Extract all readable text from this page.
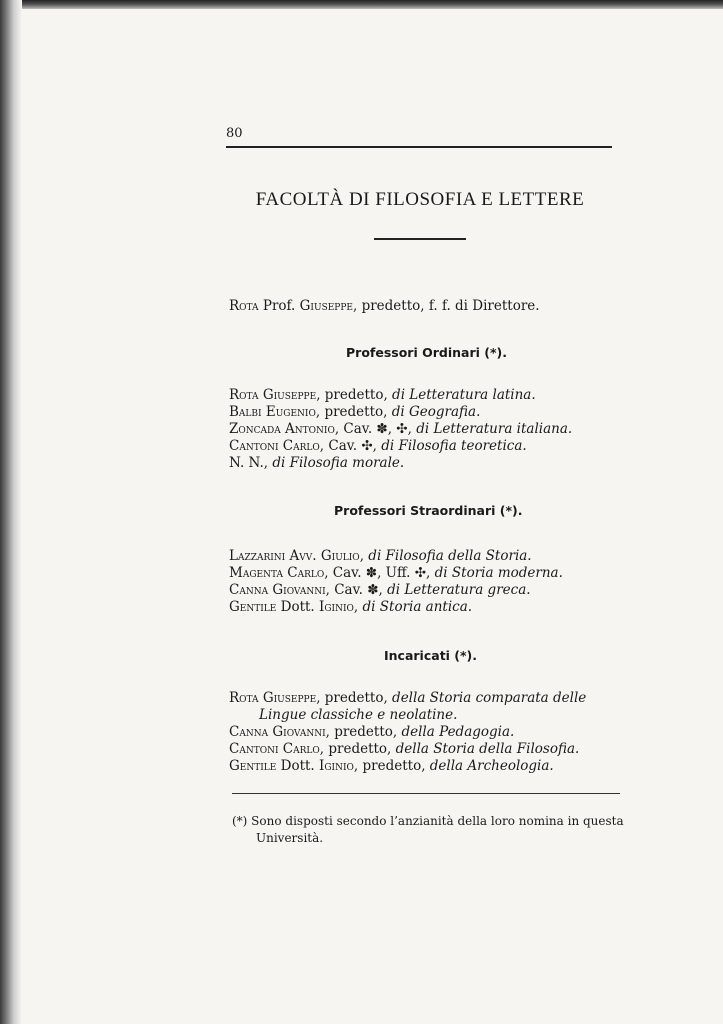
80
FACOLTÀ DI FILOSOFIA E LETTERE
Rota Prof. Giuseppe, predetto, f. f. di Direttore.
Professori Ordinari (*).
Rota Giuseppe, predetto, di Letteratura latina.
Balbi Eugenio, predetto, di Geografia.
Zoncada Antonio, Cav. ✽, ✣, di Letteratura italiana.
Cantoni Carlo, Cav. ✣, di Filosofia teoretica.
N. N., di Filosofia morale.
Professori Straordinari (*).
Lazzarini Avv. Giulio, di Filosofia della Storia.
Magenta Carlo, Cav. ✽, Uff. ✣, di Storia moderna.
Canna Giovanni, Cav. ✽, di Letteratura greca.
Gentile Dott. Iginio, di Storia antica.
Incaricati (*).
Rota Giuseppe, predetto, della Storia comparata delle
Lingue classiche e neolatine.
Canna Giovanni, predetto, della Pedagogia.
Cantoni Carlo, predetto, della Storia della Filosofia.
Gentile Dott. Iginio, predetto, della Archeologia.
(*) Sono disposti secondo l’anzianità della loro nomina in questa
Università.
